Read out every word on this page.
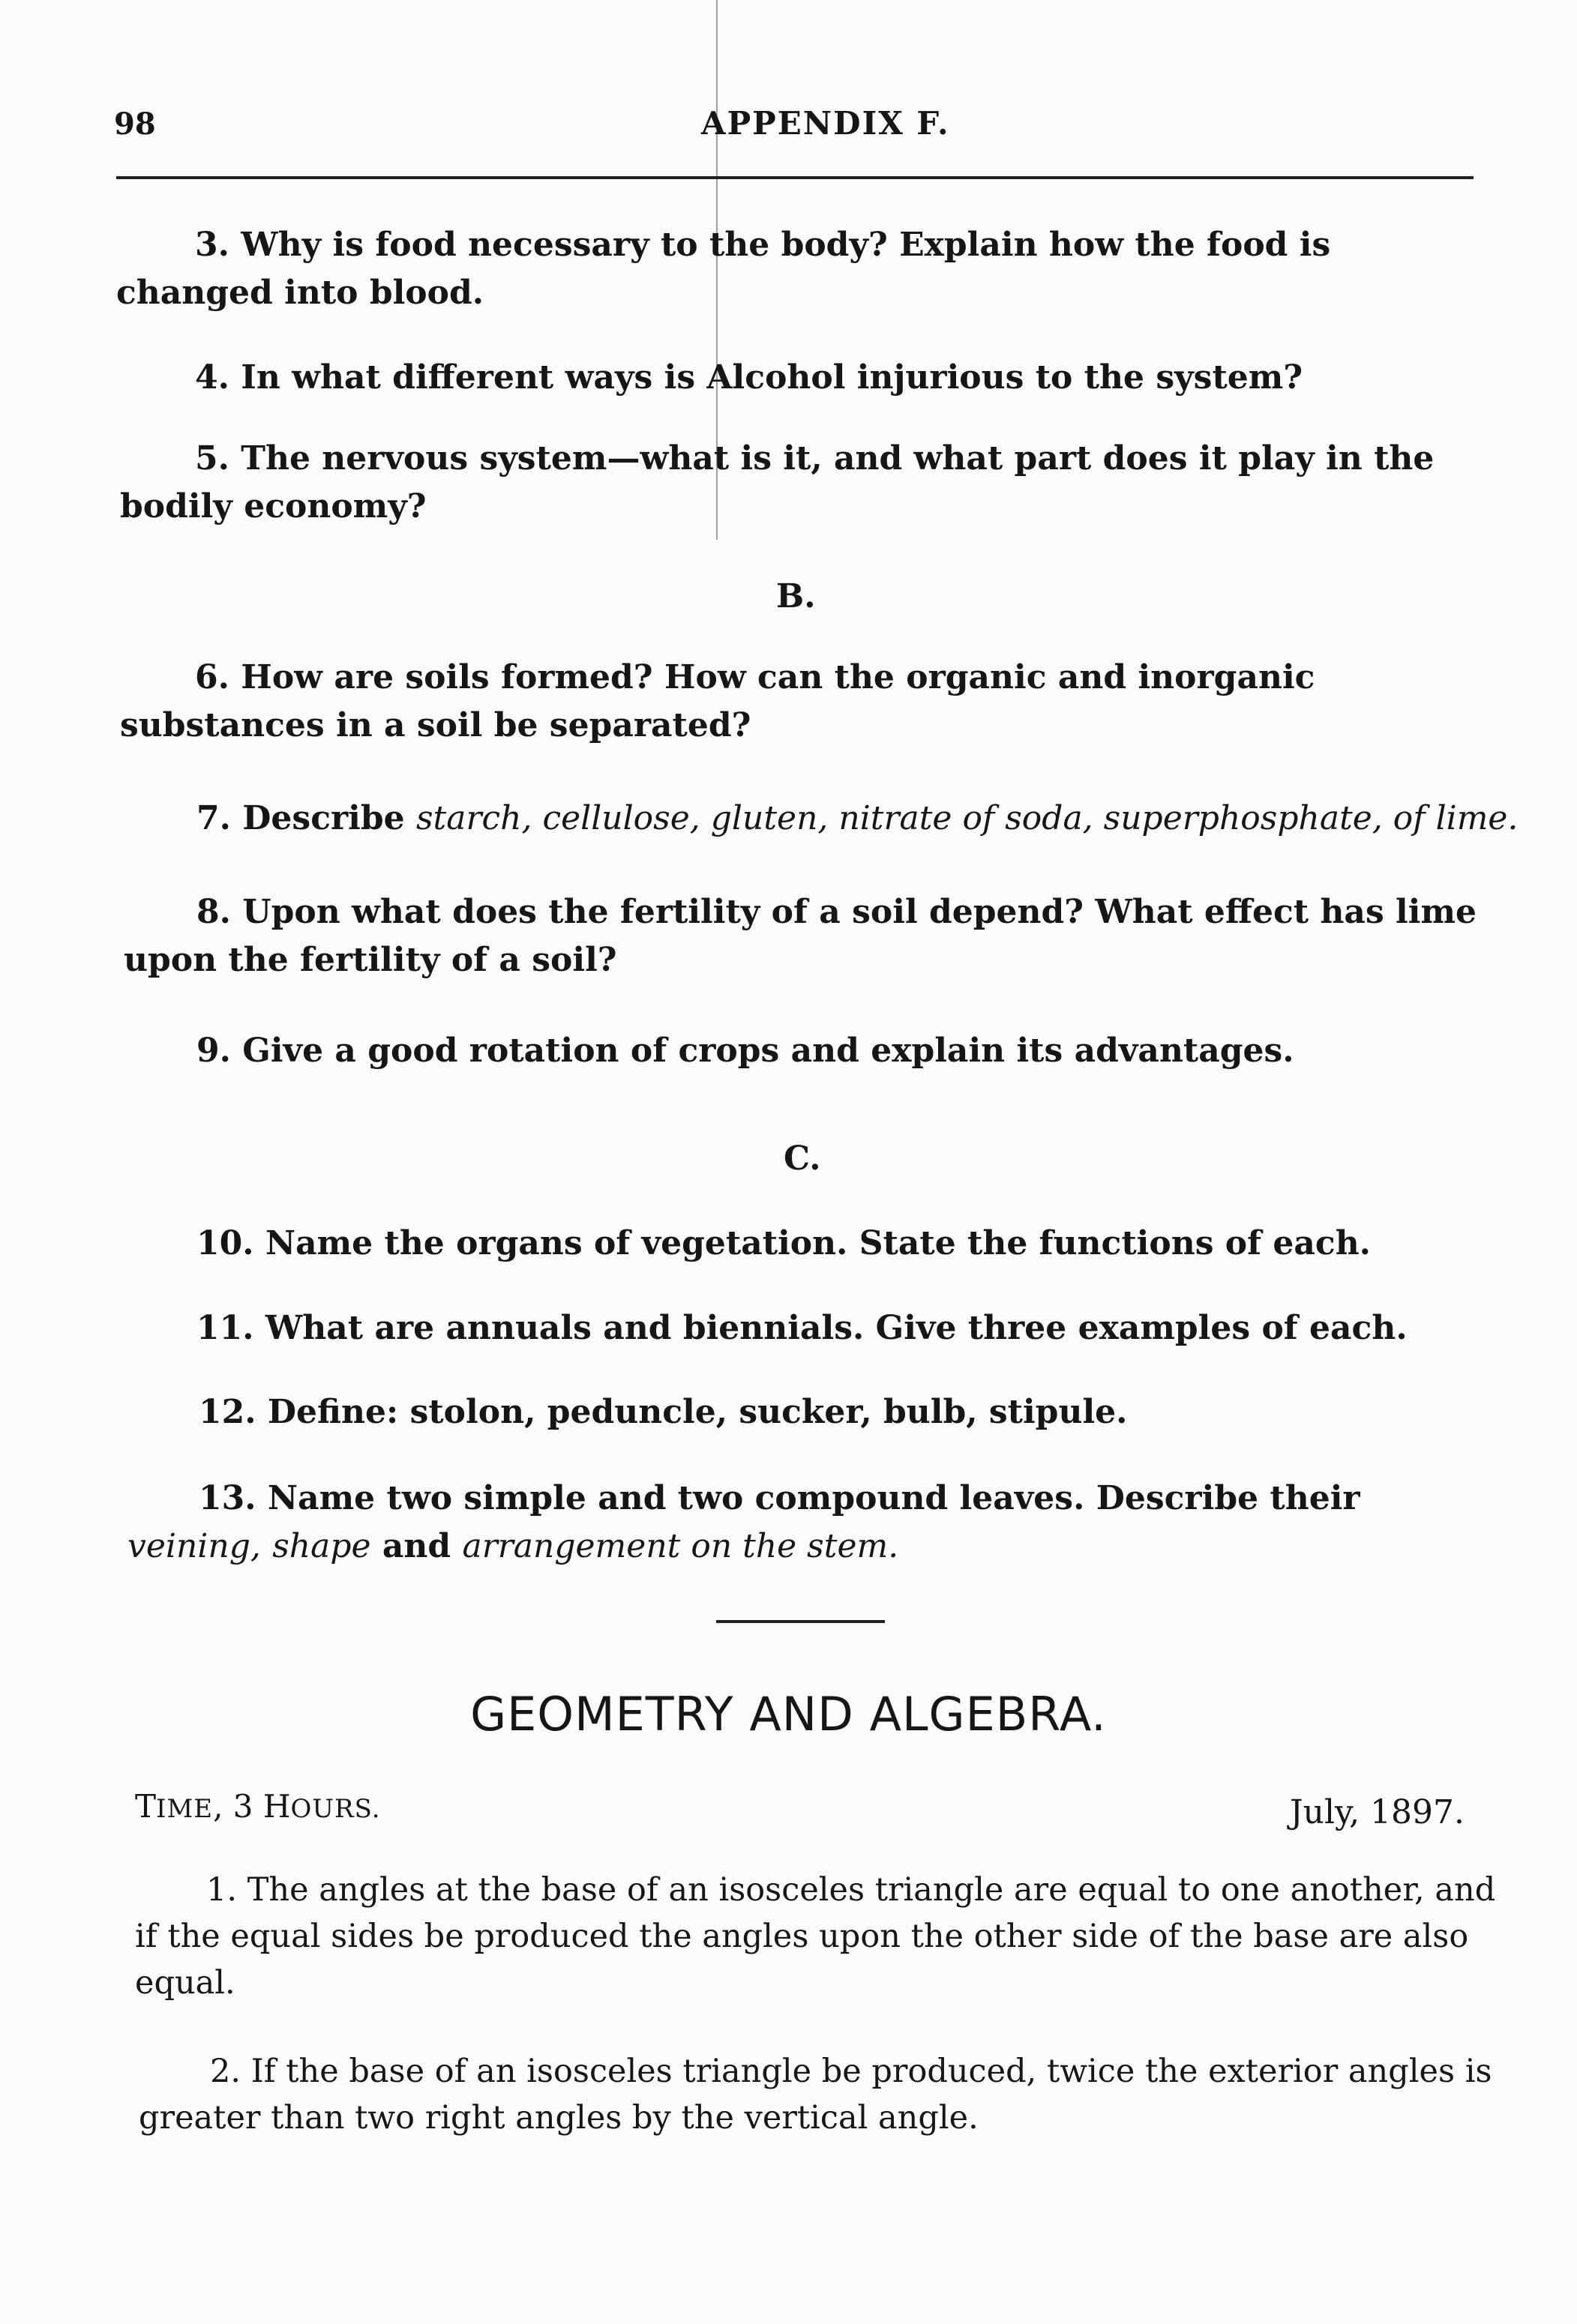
98	APPENDIX F.
3. Why is food necessary to the body? Explain how the food is changed into blood.
4. In what different ways is Alcohol injurious to the system?
5. The nervous system—what is it, and what part does it play in the bodily economy?
B.
6. How are soils formed? How can the organic and inorganic substances in a soil be separated?
7. Describe starch, cellulose, gluten, nitrate of soda, superphosphate, of lime.
8. Upon what does the fertility of a soil depend? What effect has lime upon the fertility of a soil?
9. Give a good rotation of crops and explain its advantages.
C.
10. Name the organs of vegetation. State the functions of each.
11. What are annuals and biennials. Give three examples of each.
12. Define: stolon, peduncle, sucker, bulb, stipule.
13. Name two simple and two compound leaves. Describe their veining, shape and arrangement on the stem.
GEOMETRY AND ALGEBRA.
TIME, 3 HOURS.	July, 1897.
1. The angles at the base of an isosceles triangle are equal to one another, and if the equal sides be produced the angles upon the other side of the base are also equal.
2. If the base of an isosceles triangle be produced, twice the exterior angles is greater than two right angles by the vertical angle.
